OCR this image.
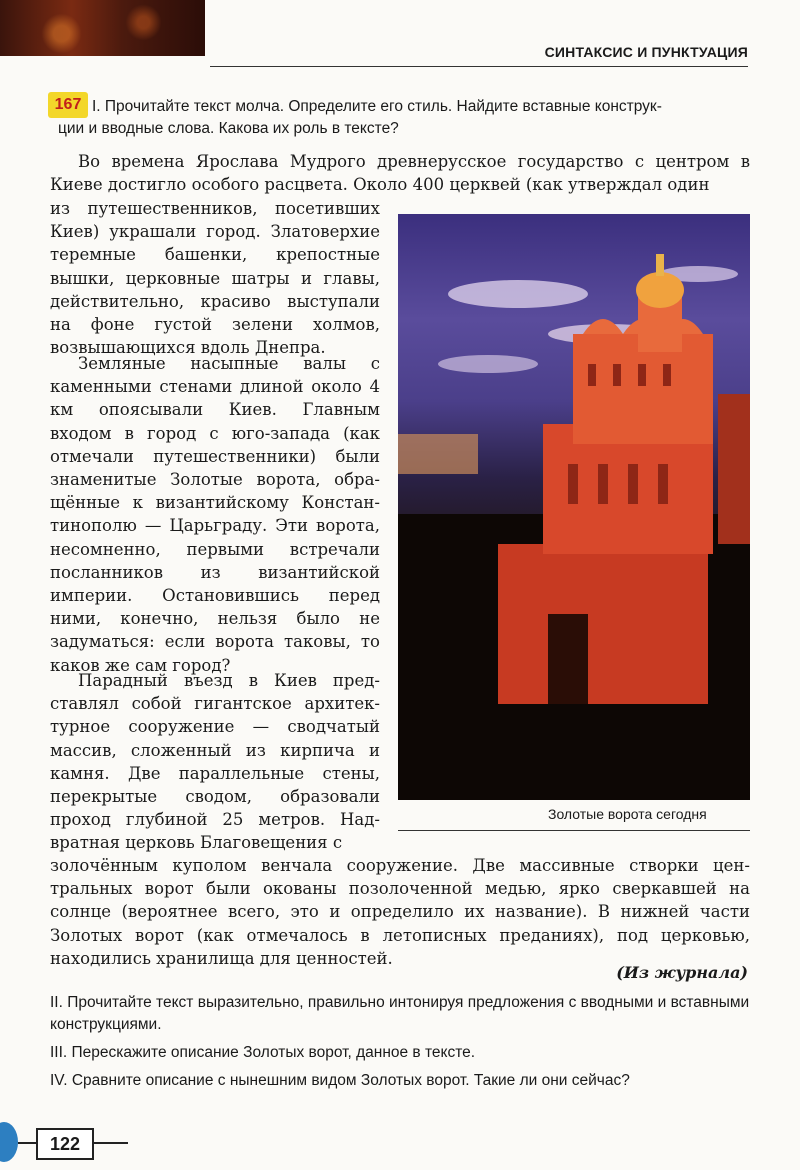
СИНТАКСИС И ПУНКТУАЦИЯ
167 I. Прочитайте текст молча. Определите его стиль. Найдите вставные конструк-
ции и вводные слова. Какова их роль в тексте?
Во времена Ярослава Мудрого древнерусское государство с центром в Киеве достигло особого расцвета. Около 400 церквей (как утверждал один
из путешественников, посетивших Киев) украшали город. Златоверхие теремные башенки, крепостные вышки, церковные шатры и главы, действительно, красиво выступали на фоне густой зелени холмов, возвышающихся вдоль Днепра.
Земляные насыпные валы с каменными стенами длиной около 4 км опоясывали Киев. Главным входом в город с юго-запада (как отмечали путешественники) были знаменитые Золотые ворота, обращённые к византийскому Константинополю — Царьграду. Эти ворота, несомненно, первыми встречали посланников из византийской империи. Остановившись перед ними, конечно, нельзя было не задуматься: если ворота таковы, то каков же сам город?
Парадный въезд в Киев представлял собой гигантское архитектурное сооружение — сводчатый массив, сложенный из кирпича и камня. Две параллельные стены, перекрытые сводом, образовали проход глубиной 25 метров. Надвратная церковь Благовещения с
золочённым куполом венчала сооружение. Две массивные створки центральных ворот были окованы позолоченной медью, ярко сверкавшей на солнце (вероятнее всего, это и определило их название). В нижней части Золотых ворот (как отмечалось в летописных преданиях), под церковью, находились хранилища для ценностей.
Золотые ворота сегодня
(Из журнала)
II. Прочитайте текст выразительно, правильно интонируя предложения с вводными и вставными конструкциями.
III. Перескажите описание Золотых ворот, данное в тексте.
IV. Сравните описание с нынешним видом Золотых ворот. Такие ли они сейчас?
122
